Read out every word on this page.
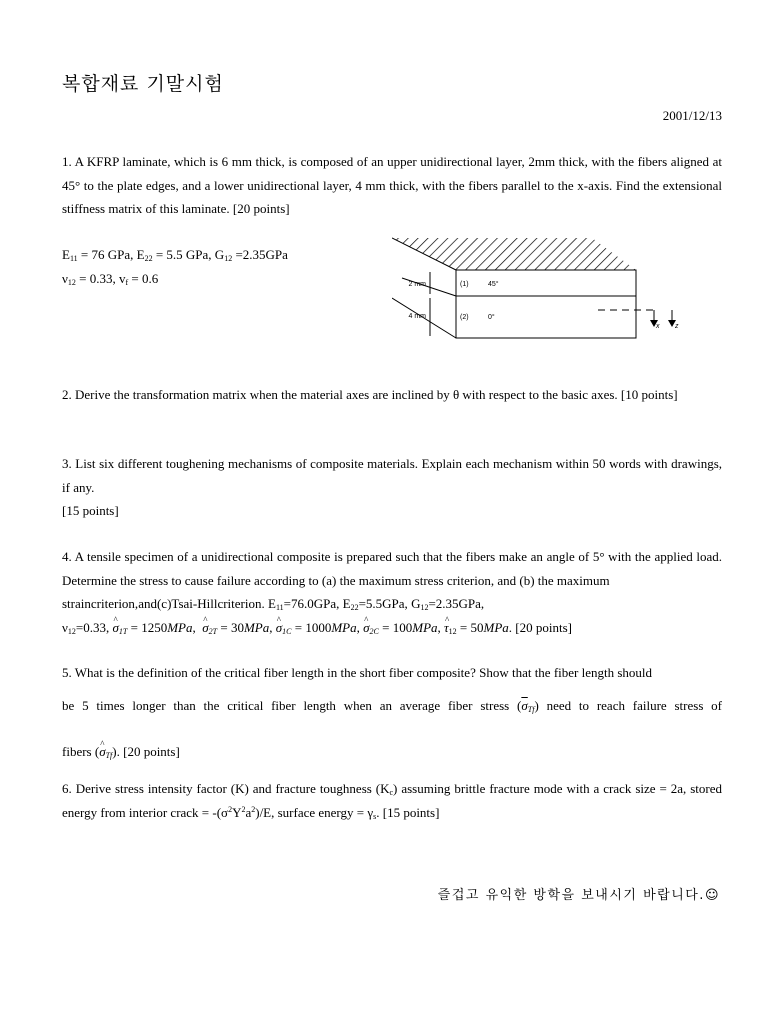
복합재료 기말시험
2001/12/13
1. A KFRP laminate, which is 6 mm thick, is composed of an upper unidirectional layer, 2mm thick, with the fibers aligned at 45° to the plate edges, and a lower unidirectional layer, 4 mm thick, with the fibers parallel to the x-axis. Find the extensional stiffness matrix of this laminate. [20 points]
$E_{11} = 76$ GPa, $E_{22} = 5.5$ GPa, $G_{12} =2.35GPa$
$\nu_{12} = 0.33$, $v_f = 0.6$	2 mm
4 mm
(1)	45°
(2)	0°
x z
2. Derive the transformation matrix when the material axes are inclined by θ with respect to the basic axes. [10 points]
3. List six different toughening mechanisms of composite materials. Explain each mechanism within 50 words with drawings, if any.
[15 points]
4. A tensile specimen of a unidirectional composite is prepared such that the fibers make an angle of 5° with the applied load. Determine the stress to cause failure according to (a) the maximum stress criterion, and (b) the maximum
straincriterion,and(c)Tsai-Hillcriterion. $E_{11}=76.0GPa$, $E_{22}=5.5GPa$, $G_{12}=2.35GPa$,
$\nu_{12}=0.33$, ^ $\sigma_{1T} = 1250MPa$, ^ $\sigma_{2T} = 30MPa$, ^ $\sigma_{1C} = 1000MPa$, ^ $\sigma_{2C} = 100MPa$, ^ $\tau_{12} = 50MPa$. [20 points]
5. What is the definition of the critical fiber length in the short fiber composite? Show that the fiber length should
be 5 times longer than the critical fiber length when an average fiber stress $(\overline{\sigma}_{Tf})$ need to reach failure stress of
fibers (^ $\sigma_{Tf}$). [20 points]
6. Derive stress intensity factor (K) and fracture toughness $(K_c)$ assuming brittle fracture mode with a crack size = 2a, stored energy from interior crack = $-(\sigma^2Y^2a^2)/E$, surface energy = $\gamma_s$. [15 points]
즐겁고 유익한 방학을 보내시기 바랍니다.☺
